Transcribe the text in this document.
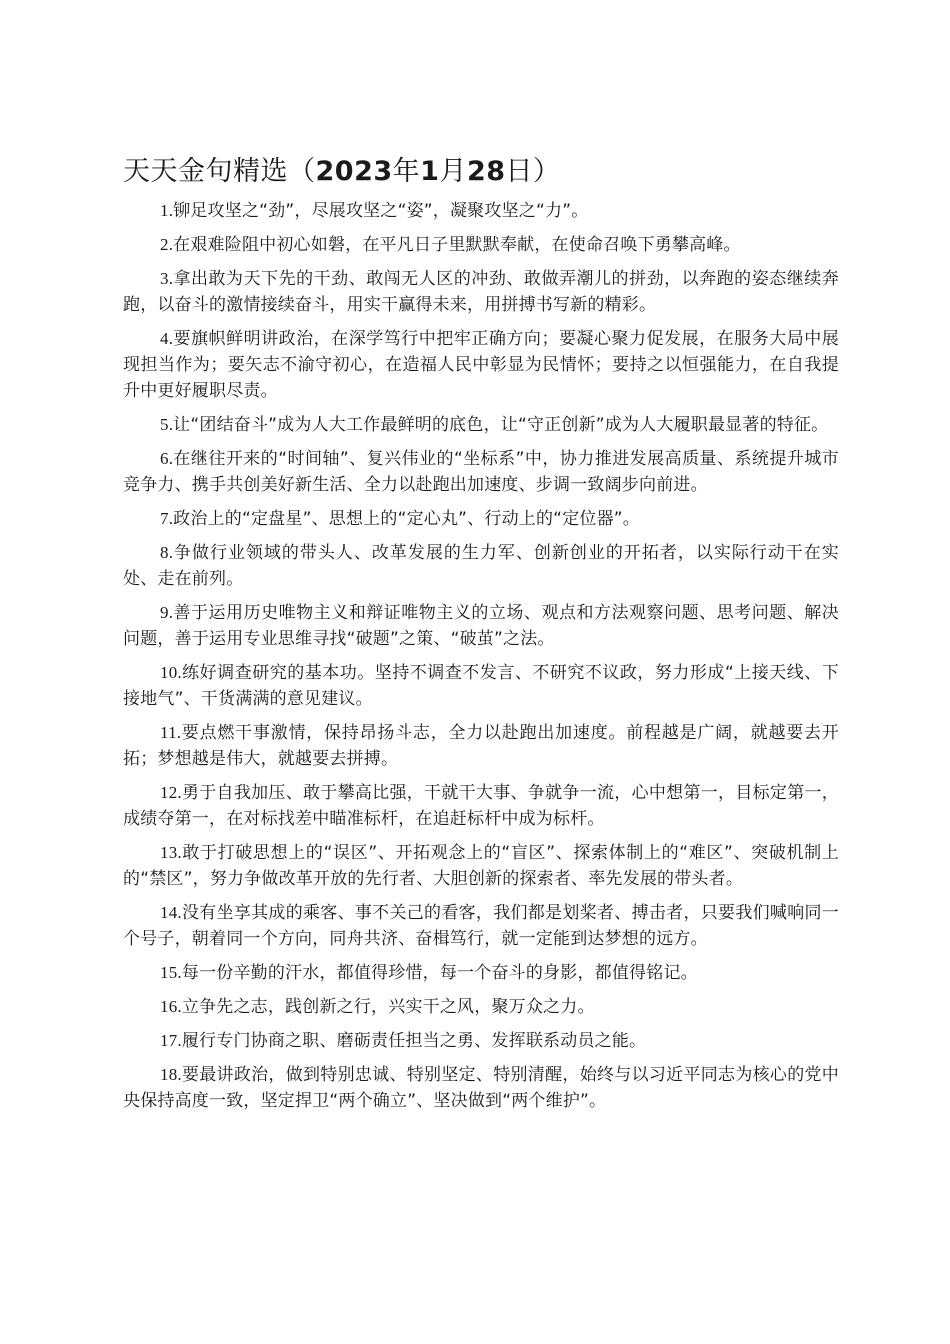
天天金句精选（2023年1月28日）
1.铆足攻坚之“劲”，尽展攻坚之“姿”，凝聚攻坚之“力”。
2.在艰难险阻中初心如磐，在平凡日子里默默奉献，在使命召唤下勇攀高峰。
3.拿出敢为天下先的干劲、敢闯无人区的冲劲、敢做弄潮儿的拼劲，以奔跑的姿态继续奔跑，以奋斗的激情接续奋斗，用实干赢得未来，用拼搏书写新的精彩。
4.要旗帜鲜明讲政治，在深学笃行中把牢正确方向；要凝心聚力促发展，在服务大局中展现担当作为；要矢志不渝守初心，在造福人民中彰显为民情怀；要持之以恒强能力，在自我提升中更好履职尽责。
5.让“团结奋斗”成为人大工作最鲜明的底色，让“守正创新”成为人大履职最显著的特征。
6.在继往开来的“时间轴”、复兴伟业的“坐标系”中，协力推进发展高质量、系统提升城市竞争力、携手共创美好新生活、全力以赴跑出加速度、步调一致阔步向前进。
7.政治上的“定盘星”、思想上的“定心丸”、行动上的“定位器”。
8.争做行业领域的带头人、改革发展的生力军、创新创业的开拓者，以实际行动干在实处、走在前列。
9.善于运用历史唯物主义和辩证唯物主义的立场、观点和方法观察问题、思考问题、解决问题，善于运用专业思维寻找“破题”之策、“破茧”之法。
10.练好调查研究的基本功。坚持不调查不发言、不研究不议政，努力形成“上接天线、下接地气”、干货满满的意见建议。
11.要点燃干事激情，保持昂扬斗志，全力以赴跑出加速度。前程越是广阔，就越要去开拓；梦想越是伟大，就越要去拼搏。
12.勇于自我加压、敢于攀高比强，干就干大事、争就争一流，心中想第一，目标定第一，成绩夺第一，在对标找差中瞄准标杆，在追赶标杆中成为标杆。
13.敢于打破思想上的“误区”、开拓观念上的“盲区”、探索体制上的“难区”、突破机制上的“禁区”，努力争做改革开放的先行者、大胆创新的探索者、率先发展的带头者。
14.没有坐享其成的乘客、事不关己的看客，我们都是划桨者、搏击者，只要我们喊响同一个号子，朝着同一个方向，同舟共济、奋楫笃行，就一定能到达梦想的远方。
15.每一份辛勤的汗水，都值得珍惜，每一个奋斗的身影，都值得铭记。
16.立争先之志，践创新之行，兴实干之风，聚万众之力。
17.履行专门协商之职、磨砺责任担当之勇、发挥联系动员之能。
18.要最讲政治，做到特别忠诚、特别坚定、特别清醒，始终与以习近平同志为核心的党中央保持高度一致，坚定捍卫“两个确立”、坚决做到“两个维护”。
